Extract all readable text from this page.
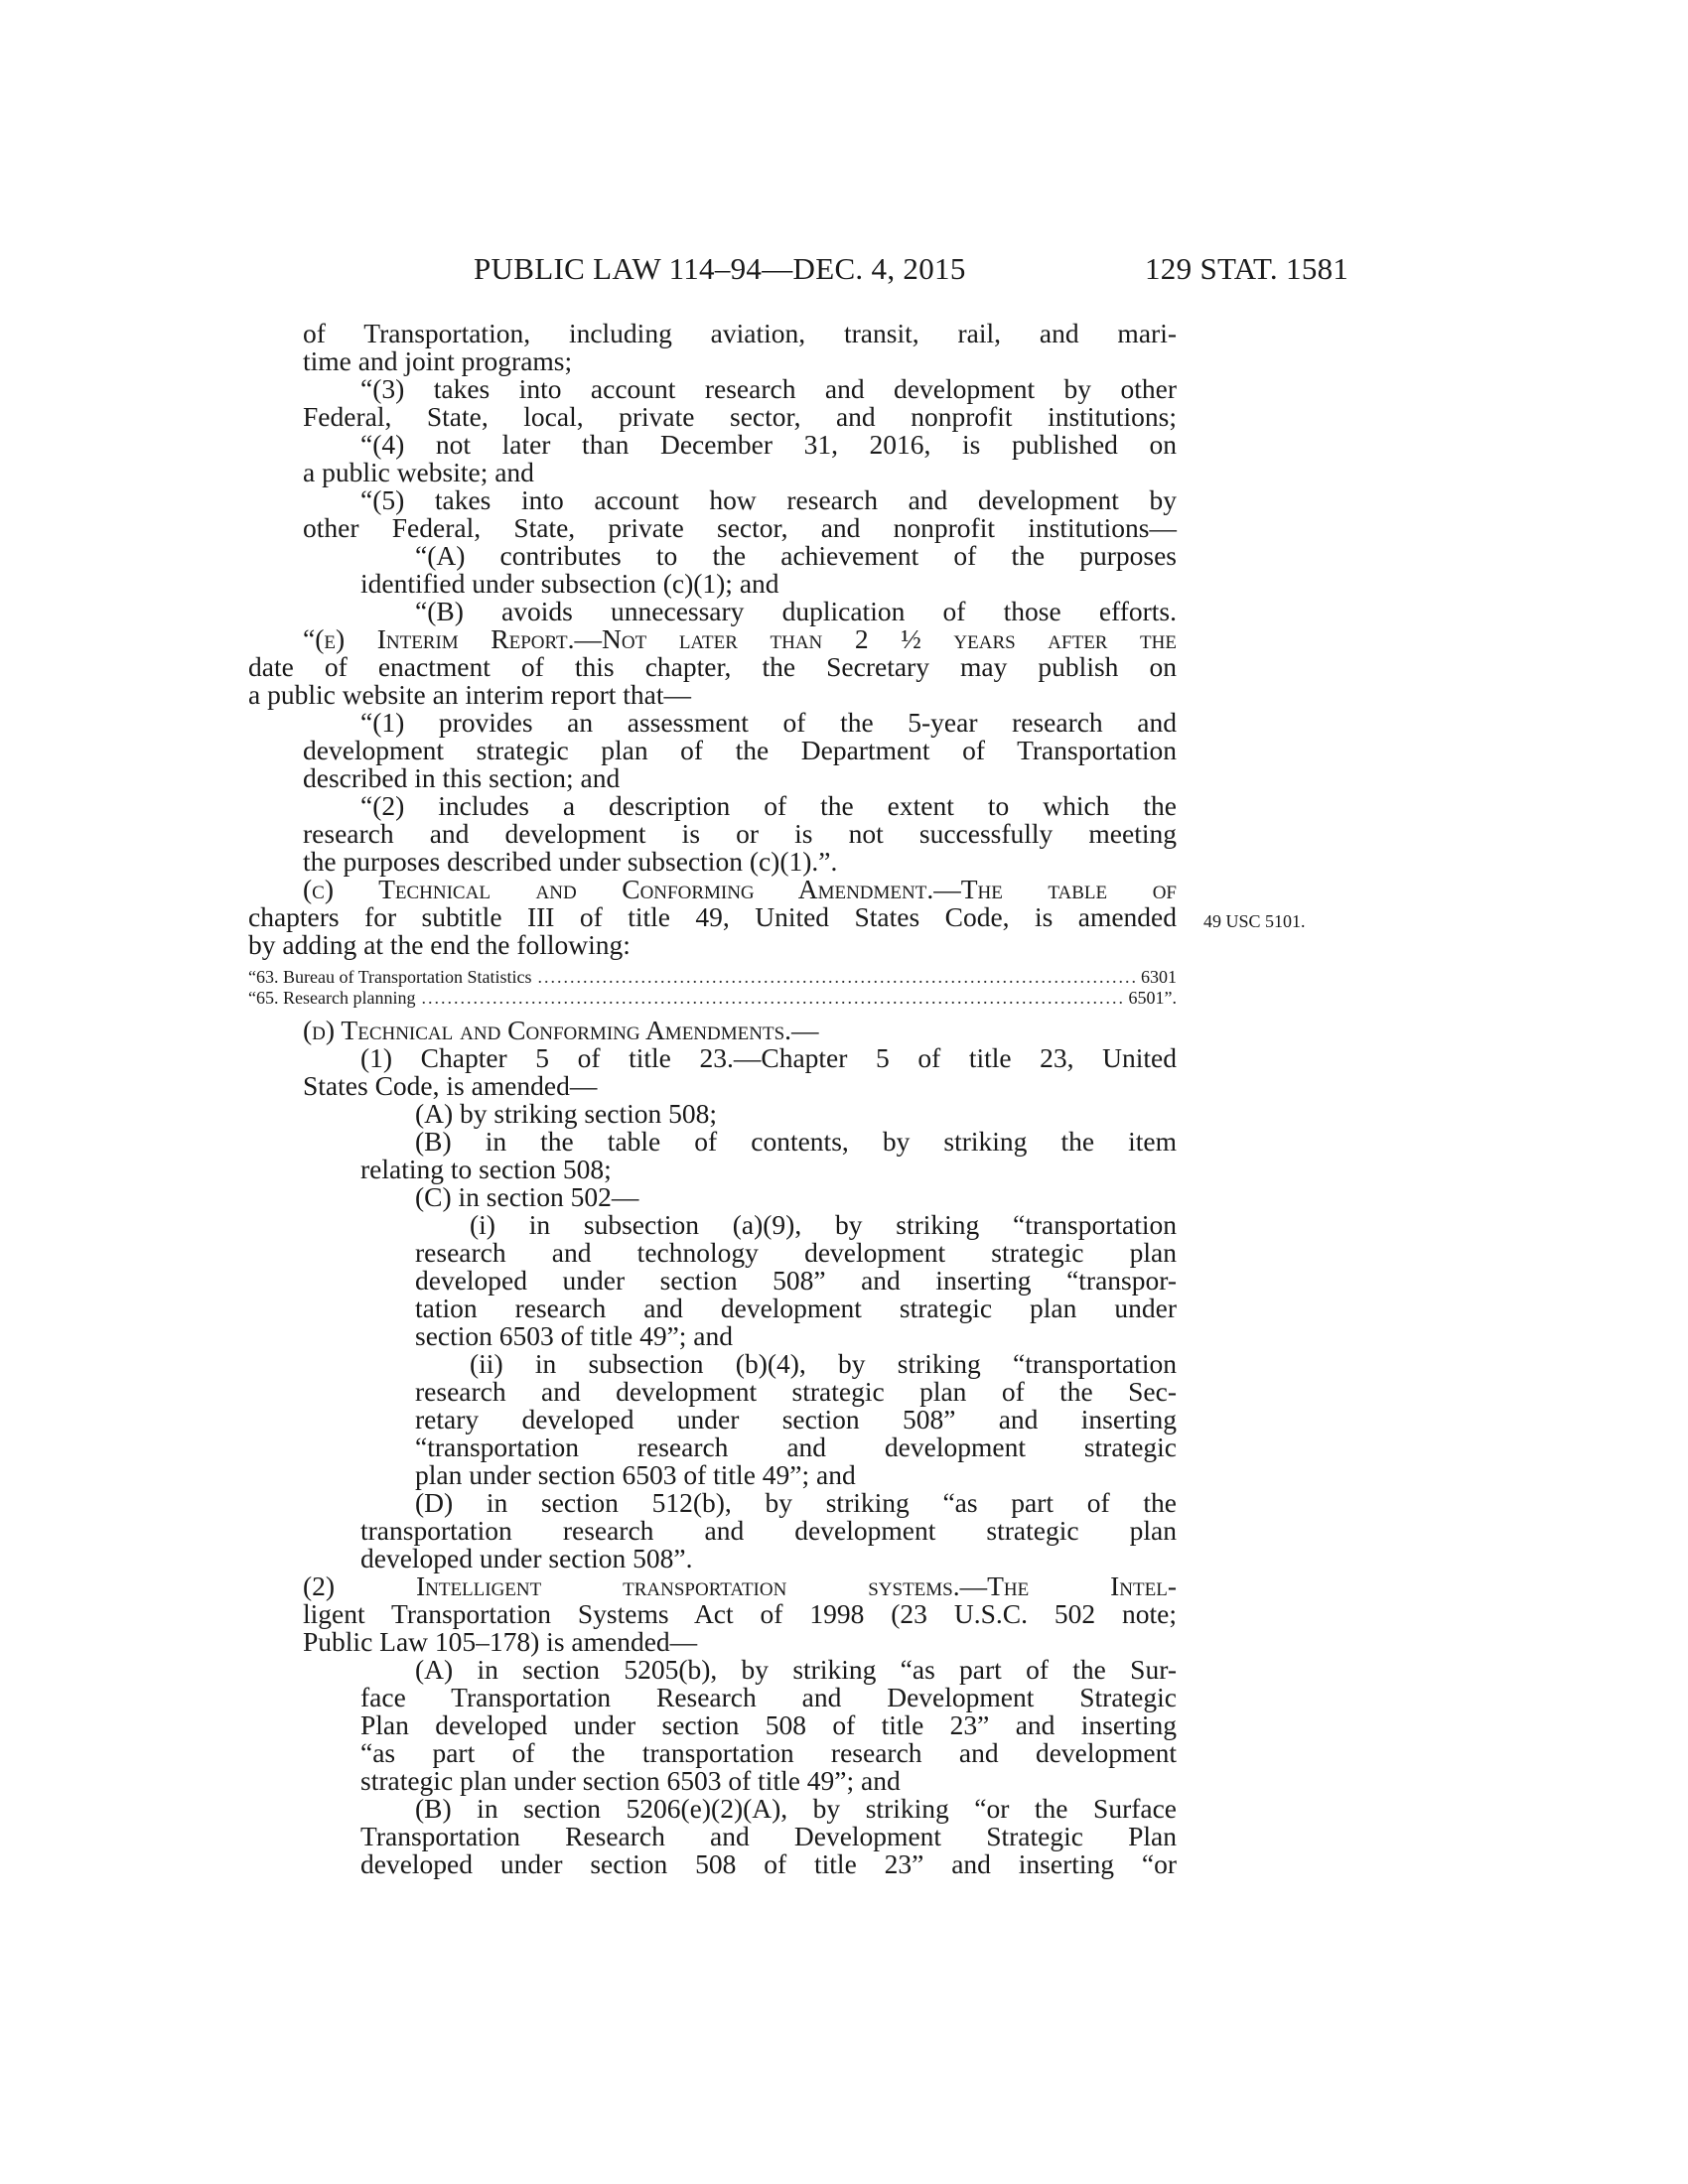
PUBLIC LAW 114–94—DEC. 4, 2015	129 STAT. 1581
of Transportation, including aviation, transit, rail, and mari-
time and joint programs;
“(3) takes into account research and development by other
Federal, State, local, private sector, and nonprofit institutions;
“(4) not later than December 31, 2016, is published on
a public website; and
“(5) takes into account how research and development by
other Federal, State, private sector, and nonprofit institutions—
“(A) contributes to the achievement of the purposes
identified under subsection (c)(1); and
“(B) avoids unnecessary duplication of those efforts.
“(e) Interim Report.—Not later than 2 ½ years after the
date of enactment of this chapter, the Secretary may publish on
a public website an interim report that—
“(1) provides an assessment of the 5-year research and
development strategic plan of the Department of Transportation
described in this section; and
“(2) includes a description of the extent to which the
research and development is or is not successfully meeting
the purposes described under subsection (c)(1).”.
(c) Technical and Conforming Amendment.—The table of
chapters for subtitle III of title 49, United States Code, is amended
by adding at the end the following:
“63. Bureau of Transportation Statistics .....	6301
“65. Research planning .....	6501”.
(d) Technical and Conforming Amendments.—
(1) Chapter 5 of title 23.—Chapter 5 of title 23, United
States Code, is amended—
(A) by striking section 508;
(B) in the table of contents, by striking the item
relating to section 508;
(C) in section 502—
(i) in subsection (a)(9), by striking “transportation
research and technology development strategic plan
developed under section 508” and inserting “transpor-
tation research and development strategic plan under
section 6503 of title 49”; and
(ii) in subsection (b)(4), by striking “transportation
research and development strategic plan of the Sec-
retary developed under section 508” and inserting
“transportation research and development strategic
plan under section 6503 of title 49”; and
(D) in section 512(b), by striking “as part of the
transportation research and development strategic plan
developed under section 508”.
(2) Intelligent transportation systems.—The Intel-
ligent Transportation Systems Act of 1998 (23 U.S.C. 502 note;
Public Law 105–178) is amended—
(A) in section 5205(b), by striking “as part of the Sur-
face Transportation Research and Development Strategic
Plan developed under section 508 of title 23” and inserting
“as part of the transportation research and development
strategic plan under section 6503 of title 49”; and
(B) in section 5206(e)(2)(A), by striking “or the Surface
Transportation Research and Development Strategic Plan
developed under section 508 of title 23” and inserting “or
49 USC 5101.
